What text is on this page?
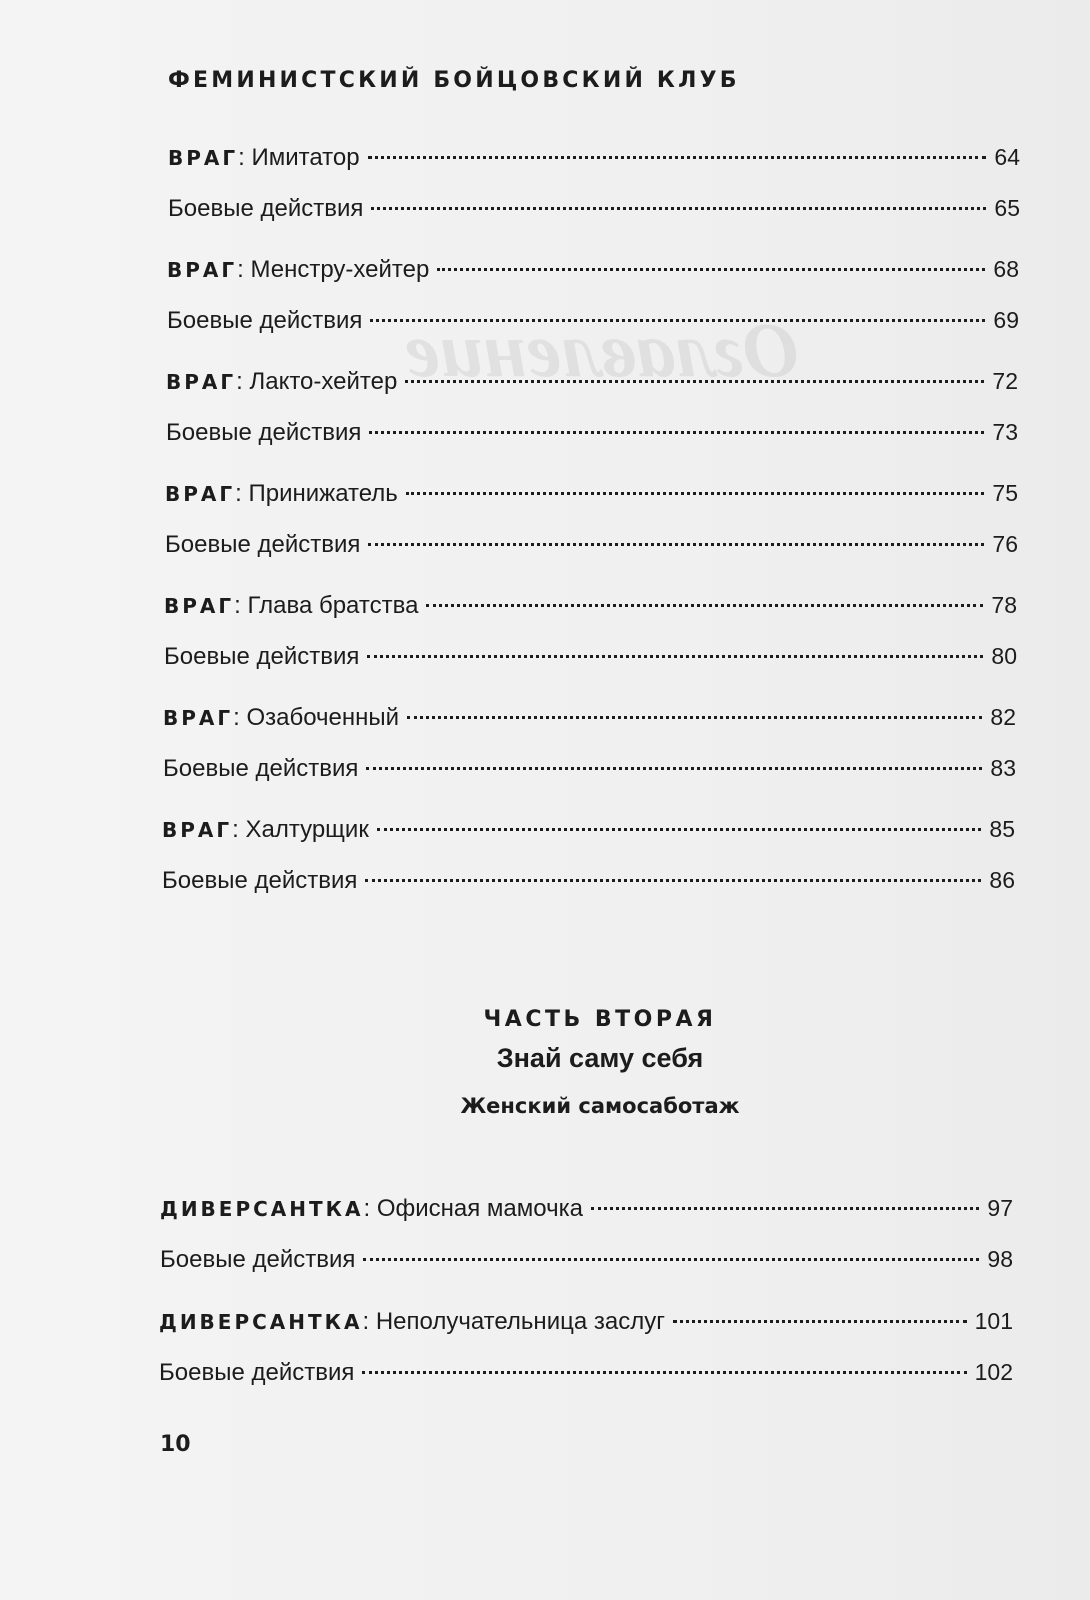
Оглавление
ФЕМИНИСТСКИЙ БОЙЦОВСКИЙ КЛУБ
ВРАГ: Имитатор	64
Боевые действия	65
ВРАГ: Менстру-хейтер	68
Боевые действия	69
ВРАГ: Лакто-хейтер	72
Боевые действия	73
ВРАГ: Принижатель	75
Боевые действия	76
ВРАГ: Глава братства	78
Боевые действия	80
ВРАГ: Озабоченный	82
Боевые действия	83
ВРАГ: Халтурщик	85
Боевые действия	86
ЧАСТЬ ВТОРАЯ
Знай саму себя
Женский самосаботаж
ДИВЕРСАНТКА: Офисная мамочка	97
Боевые действия	98
ДИВЕРСАНТКА: Неполучательница заслуг	101
Боевые действия	102
10
